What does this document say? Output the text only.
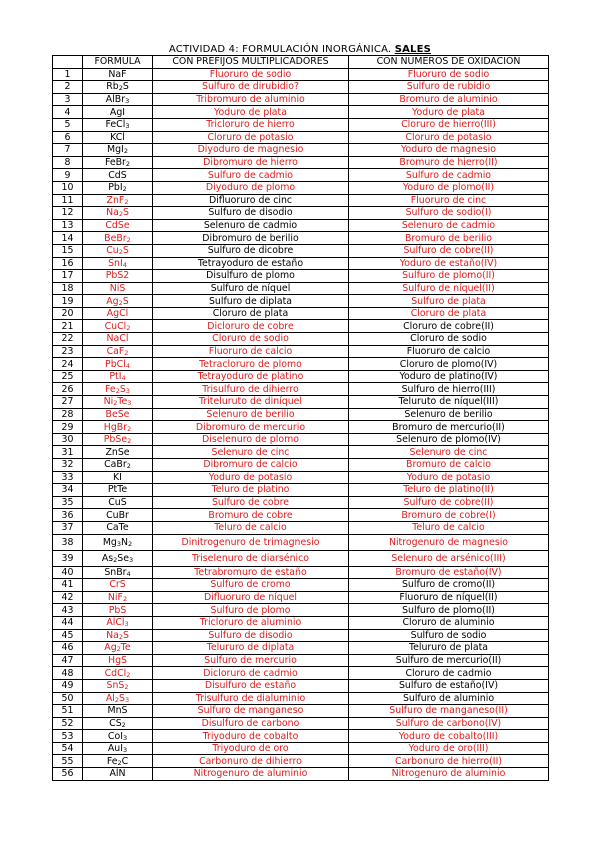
ACTIVIDAD 4: FORMULACIÓN INORGÁNICA. SALES
	FÓRMULA	CON PREFIJOS MULTIPLICADORES	CON NÚMEROS DE OXIDACIÓN
1	NaF	Fluoruro de sodio	Fluoruro de sodio
2	$Rb_2S$	Sulfuro de dirubidio?	Sulfuro de rubidio
3	AlBr$_3$	Tribromuro de aluminio	Bromuro de aluminio
4	AgI	Yoduro de plata	Yoduro de plata
5	FeCl$_3$	Tricloruro de hierro	Cloruro de hierro(III)
6	KCl	Cloruro de potasio	Cloruro de potasio
7	MgI$_2$	Diyoduro de magnesio	Yoduro de magnesio
8	FeBr$_2$	Dibromuro de hierro	Bromuro de hierro(II)
9	CdS	Sulfuro de cadmio	Sulfuro de cadmio
10	PbI$_2$	Diyoduro de plomo	Yoduro de plomo(II)
11	ZnF$_2$	Difluoruro de cinc	Fluoruro de cinc
12	$Na_2S$	Sulfuro de disodio	Sulfuro de sodio(I)
13	CdSe	Selenuro de cadmio	Selenuro de cadmio
14	BeBr$_2$	Dibromuro de berilio	Bromuro de berilio
15	$Cu_2S$	Sulfuro de dicobre	Sulfuro de cobre(II)
16	SnI$_4$	Tetrayoduro de estaño	Yoduro de estaño(IV)
17	PbS2	Disulfuro de plomo	Sulfuro de plomo(II)
18	NiS	Sulfuro de níquel	Sulfuro de níquel(II)
19	$Ag_2S$	Sulfuro de diplata	Sulfuro de plata
20	AgCl	Cloruro de plata	Cloruro de plata
21	CuCl$_2$	Dicloruro de cobre	Cloruro de cobre(II)
22	NaCl	Cloruro de sodio	Cloruro de sodio
23	CaF$_2$	Fluoruro de calcio	Fluoruro de calcio
24	PbCl$_4$	Tetracloruro de plomo	Cloruro de plomo(IV)
25	PtI$_4$	Tetrayoduro de platino	Yoduro de platino(IV)
26	$Fe_2S_3$	Trisulfuro de dihierro	Sulfuro de hierro(III)
27	$Ni_2Te_3$	Triteluruto de diníquel	Teluruto de níquel(III)
28	BeSe	Selenuro de berilio	Selenuro de berilio
29	HgBr$_2$	Dibromuro de mercurio	Bromuro de mercurio(II)
30	PbSe$_2$	Diselenuro de plomo	Selenuro de plomo(IV)
31	ZnSe	Selenuro de cinc	Selenuro de cinc
32	CaBr$_2$	Dibromuro de calcio	Bromuro de calcio
33	KI	Yoduro de potasio	Yoduro de potasio
34	PtTe	Teluro de platino	Teluro de platino(II)
35	CuS	Sulfuro de cobre	Sulfuro de cobre(II)
36	CuBr	Bromuro de cobre	Bromuro de cobre(I)
37	CaTe	Teluro de calcio	Teluro de calcio
38	$Mg_3N_2$	Dinitrogenuro de trimagnesio	Nitrogenuro de magnesio
39	$As_2Se_3$	Triselenuro de diarsénico	Selenuro de arsénico(III)
40	SnBr$_4$	Tetrabromuro de estaño	Bromuro de estaño(IV)
41	CrS	Sulfuro de cromo	Sulfuro de cromo(II)
42	NiF$_2$	Difluoruro de níquel	Fluoruro de níquel(II)
43	PbS	Sulfuro de plomo	Sulfuro de plomo(II)
44	AlCl$_3$	Tricloruro de aluminio	Cloruro de aluminio
45	$Na_2S$	Sulfuro de disodio	Sulfuro de sodio
46	$Ag_2Te$	Telururo de diplata	Telururo de plata
47	HgS	Sulfuro de mercurio	Sulfuro de mercurio(II)
48	CdCl$_2$	Dicloruro de cadmio	Cloruro de cadmio
49	SnS$_2$	Disulfuro de estaño	Sulfuro de estaño(IV)
50	$Al_2S_3$	Trisulfuro de dialuminio	Sulfuro de aluminio
51	MnS	Sulfuro de manganeso	Sulfuro de manganeso(II)
52	$CS_2$	Disulfuro de carbono	Sulfuro de carbono(IV)
53	CoI$_3$	Triyoduro de cobalto	Yoduro de cobalto(III)
54	AuI$_3$	Triyoduro de oro	Yoduro de oro(III)
55	$Fe_2C$	Carbonuro de dihierro	Carbonuro de hierro(II)
56	AlN	Nitrogenuro de aluminio	Nitrogenuro de aluminio
